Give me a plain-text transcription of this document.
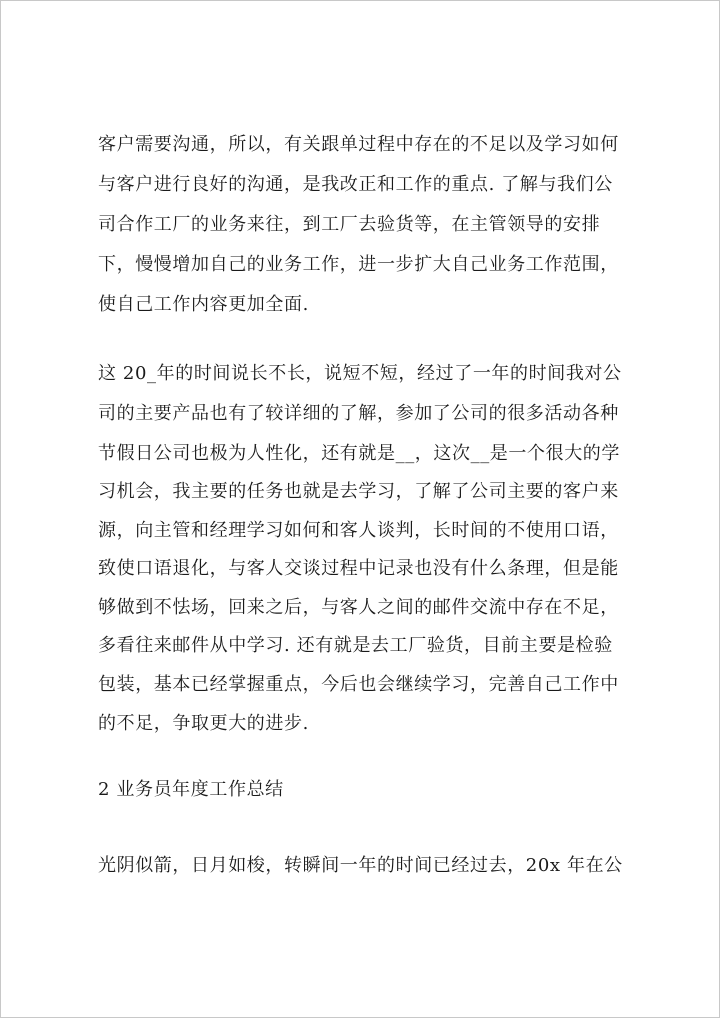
客户需要沟通，所以，有关跟单过程中存在的不足以及学习如何

与客户进行良好的沟通，是我改正和工作的重点. 了解与我们公

司合作工厂的业务来往，到工厂去验货等，在主管领导的安排

下，慢慢增加自己的业务工作，进一步扩大自己业务工作范围，

使自己工作内容更加全面.

这 20_年的时间说长不长，说短不短，经过了一年的时间我对公

司的主要产品也有了较详细的了解，参加了公司的很多活动各种

节假日公司也极为人性化，还有就是__，这次__是一个很大的学

习机会，我主要的任务也就是去学习，了解了公司主要的客户来

源，向主管和经理学习如何和客人谈判，长时间的不使用口语，

致使口语退化，与客人交谈过程中记录也没有什么条理，但是能

够做到不怯场，回来之后，与客人之间的邮件交流中存在不足，

多看往来邮件从中学习. 还有就是去工厂验货，目前主要是检验

包装，基本已经掌握重点，今后也会继续学习，完善自己工作中

的不足，争取更大的进步.

2 业务员年度工作总结

光阴似箭，日月如梭，转瞬间一年的时间已经过去，20x 年在公
